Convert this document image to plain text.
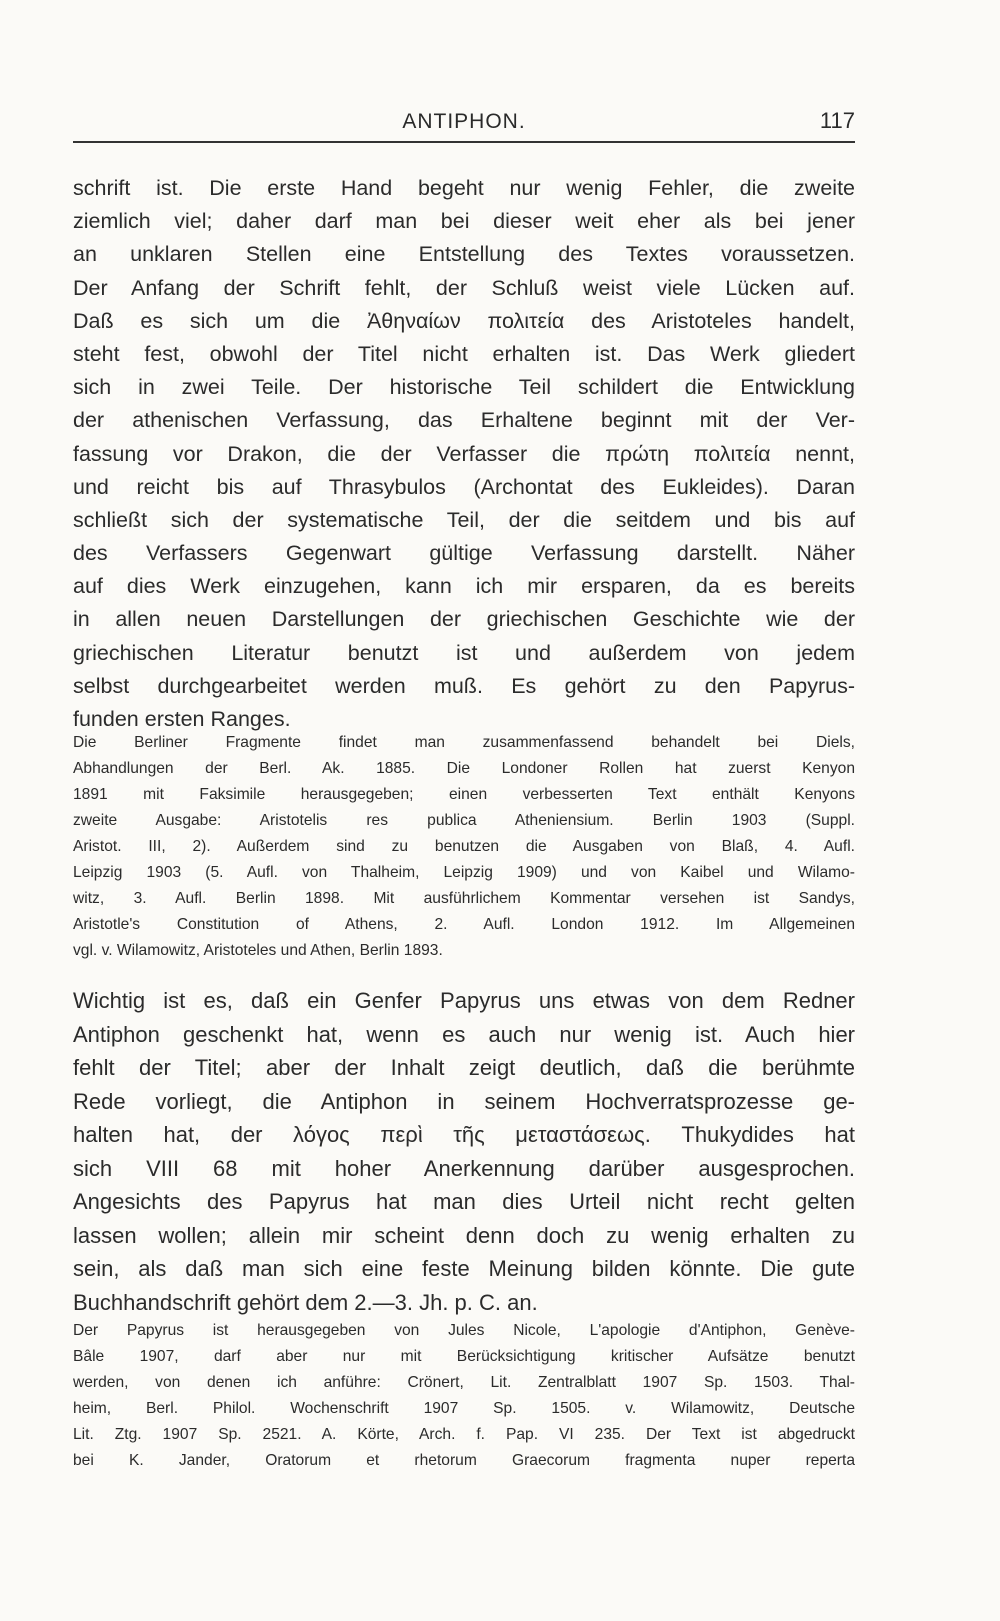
ANTIPHON.	117
schrift ist. Die erste Hand begeht nur wenig Fehler, die zweite
ziemlich viel; daher darf man bei dieser weit eher als bei jener
an unklaren Stellen eine Entstellung des Textes voraussetzen.
Der Anfang der Schrift fehlt, der Schluß weist viele Lücken auf.
Daß es sich um die Ἀθηναίων πολιτεία des Aristoteles handelt,
steht fest, obwohl der Titel nicht erhalten ist. Das Werk gliedert
sich in zwei Teile. Der historische Teil schildert die Entwicklung
der athenischen Verfassung, das Erhaltene beginnt mit der Ver-
fassung vor Drakon, die der Verfasser die πρώτη πολιτεία nennt,
und reicht bis auf Thrasybulos (Archontat des Eukleides). Daran
schließt sich der systematische Teil, der die seitdem und bis auf
des Verfassers Gegenwart gültige Verfassung darstellt. Näher
auf dies Werk einzugehen, kann ich mir ersparen, da es bereits
in allen neuen Darstellungen der griechischen Geschichte wie der
griechischen Literatur benutzt ist und außerdem von jedem
selbst durchgearbeitet werden muß. Es gehört zu den Papyrus-
funden ersten Ranges.
Die Berliner Fragmente findet man zusammenfassend behandelt bei Diels,
Abhandlungen der Berl. Ak. 1885. Die Londoner Rollen hat zuerst Kenyon
1891 mit Faksimile herausgegeben; einen verbesserten Text enthält Kenyons
zweite Ausgabe: Aristotelis res publica Atheniensium. Berlin 1903 (Suppl.
Aristot. III, 2). Außerdem sind zu benutzen die Ausgaben von Blaß, 4. Aufl.
Leipzig 1903 (5. Aufl. von Thalheim, Leipzig 1909) und von Kaibel und Wilamo-
witz, 3. Aufl. Berlin 1898. Mit ausführlichem Kommentar versehen ist Sandys,
Aristotle's Constitution of Athens, 2. Aufl. London 1912. Im Allgemeinen
vgl. v. Wilamowitz, Aristoteles und Athen, Berlin 1893.
Wichtig ist es, daß ein Genfer Papyrus uns etwas von dem Redner
Antiphon geschenkt hat, wenn es auch nur wenig ist. Auch hier
fehlt der Titel; aber der Inhalt zeigt deutlich, daß die berühmte
Rede vorliegt, die Antiphon in seinem Hochverratsprozesse ge-
halten hat, der λόγος περὶ τῆς μεταστάσεως. Thukydides hat
sich VIII 68 mit hoher Anerkennung darüber ausgesprochen.
Angesichts des Papyrus hat man dies Urteil nicht recht gelten
lassen wollen; allein mir scheint denn doch zu wenig erhalten zu
sein, als daß man sich eine feste Meinung bilden könnte. Die gute
Buchhandschrift gehört dem 2.—3. Jh. p. C. an.
Der Papyrus ist herausgegeben von Jules Nicole, L'apologie d'Antiphon, Genève-
Bâle 1907, darf aber nur mit Berücksichtigung kritischer Aufsätze benutzt
werden, von denen ich anführe: Crönert, Lit. Zentralblatt 1907 Sp. 1503. Thal-
heim, Berl. Philol. Wochenschrift 1907 Sp. 1505. v. Wilamowitz, Deutsche
Lit. Ztg. 1907 Sp. 2521. A. Körte, Arch. f. Pap. VI 235. Der Text ist abgedruckt
bei K. Jander, Oratorum et rhetorum Graecorum fragmenta nuper reperta
